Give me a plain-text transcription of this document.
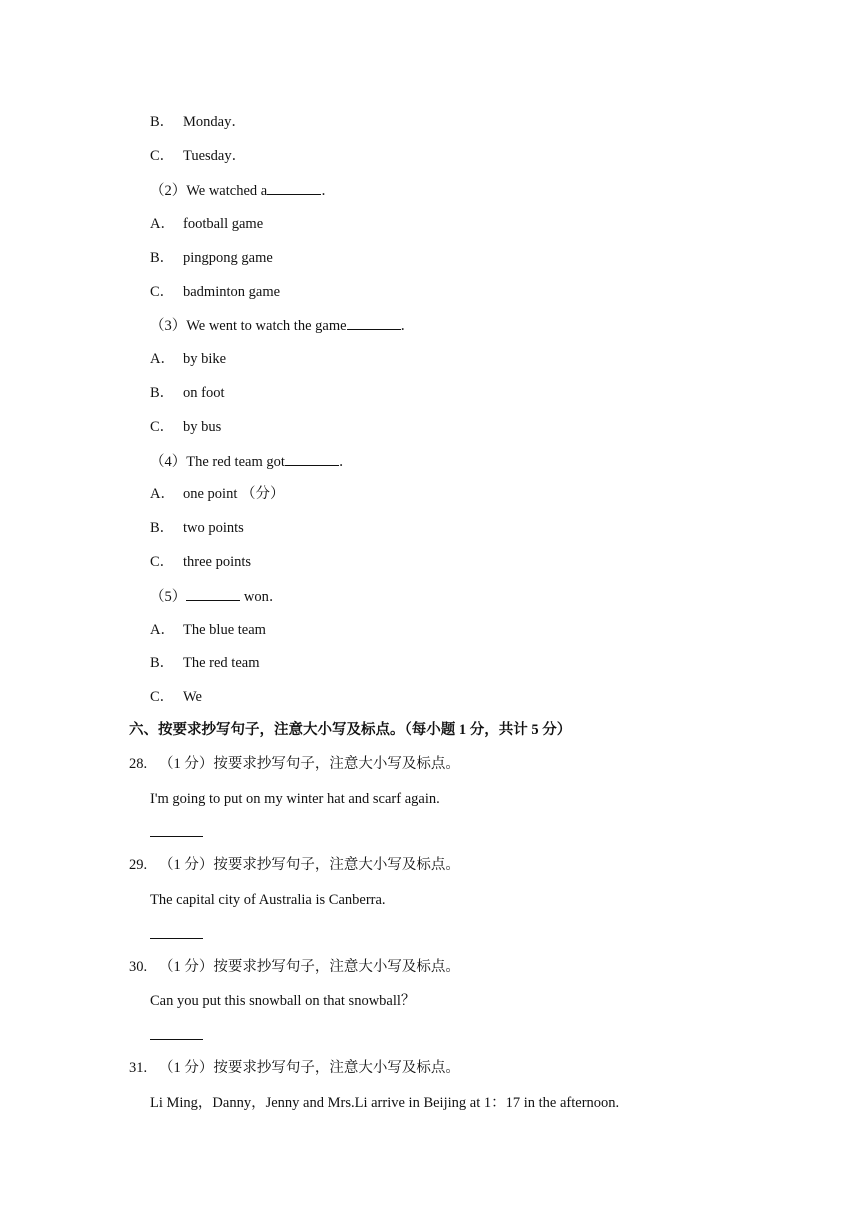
B． Monday．
C． Tuesday．
（2）We watched a	．
A． football game
B． pingpong game
C． badminton game
（3）We went to watch the game	．
A． by bike
B． on foot
C． by bus
（4）The red team got	．
A． one point （分）
B． two points
C． three points
（5）	won．
A． The blue team
B． The red team
C． We
六、按要求抄写句子，注意大小写及标点。（每小题 1 分，共计 5 分）
28. （1 分）按要求抄写句子，注意大小写及标点。
I'm going to put on my winter hat and scarf again.
29. （1 分）按要求抄写句子，注意大小写及标点。
The capital city of Australia is Canberra.
30. （1 分）按要求抄写句子，注意大小写及标点。
Can you put this snowball on that snowball？
31. （1 分）按要求抄写句子，注意大小写及标点。
Li Ming，Danny，Jenny and Mrs.Li arrive in Beijing at 1：17 in the afternoon.
